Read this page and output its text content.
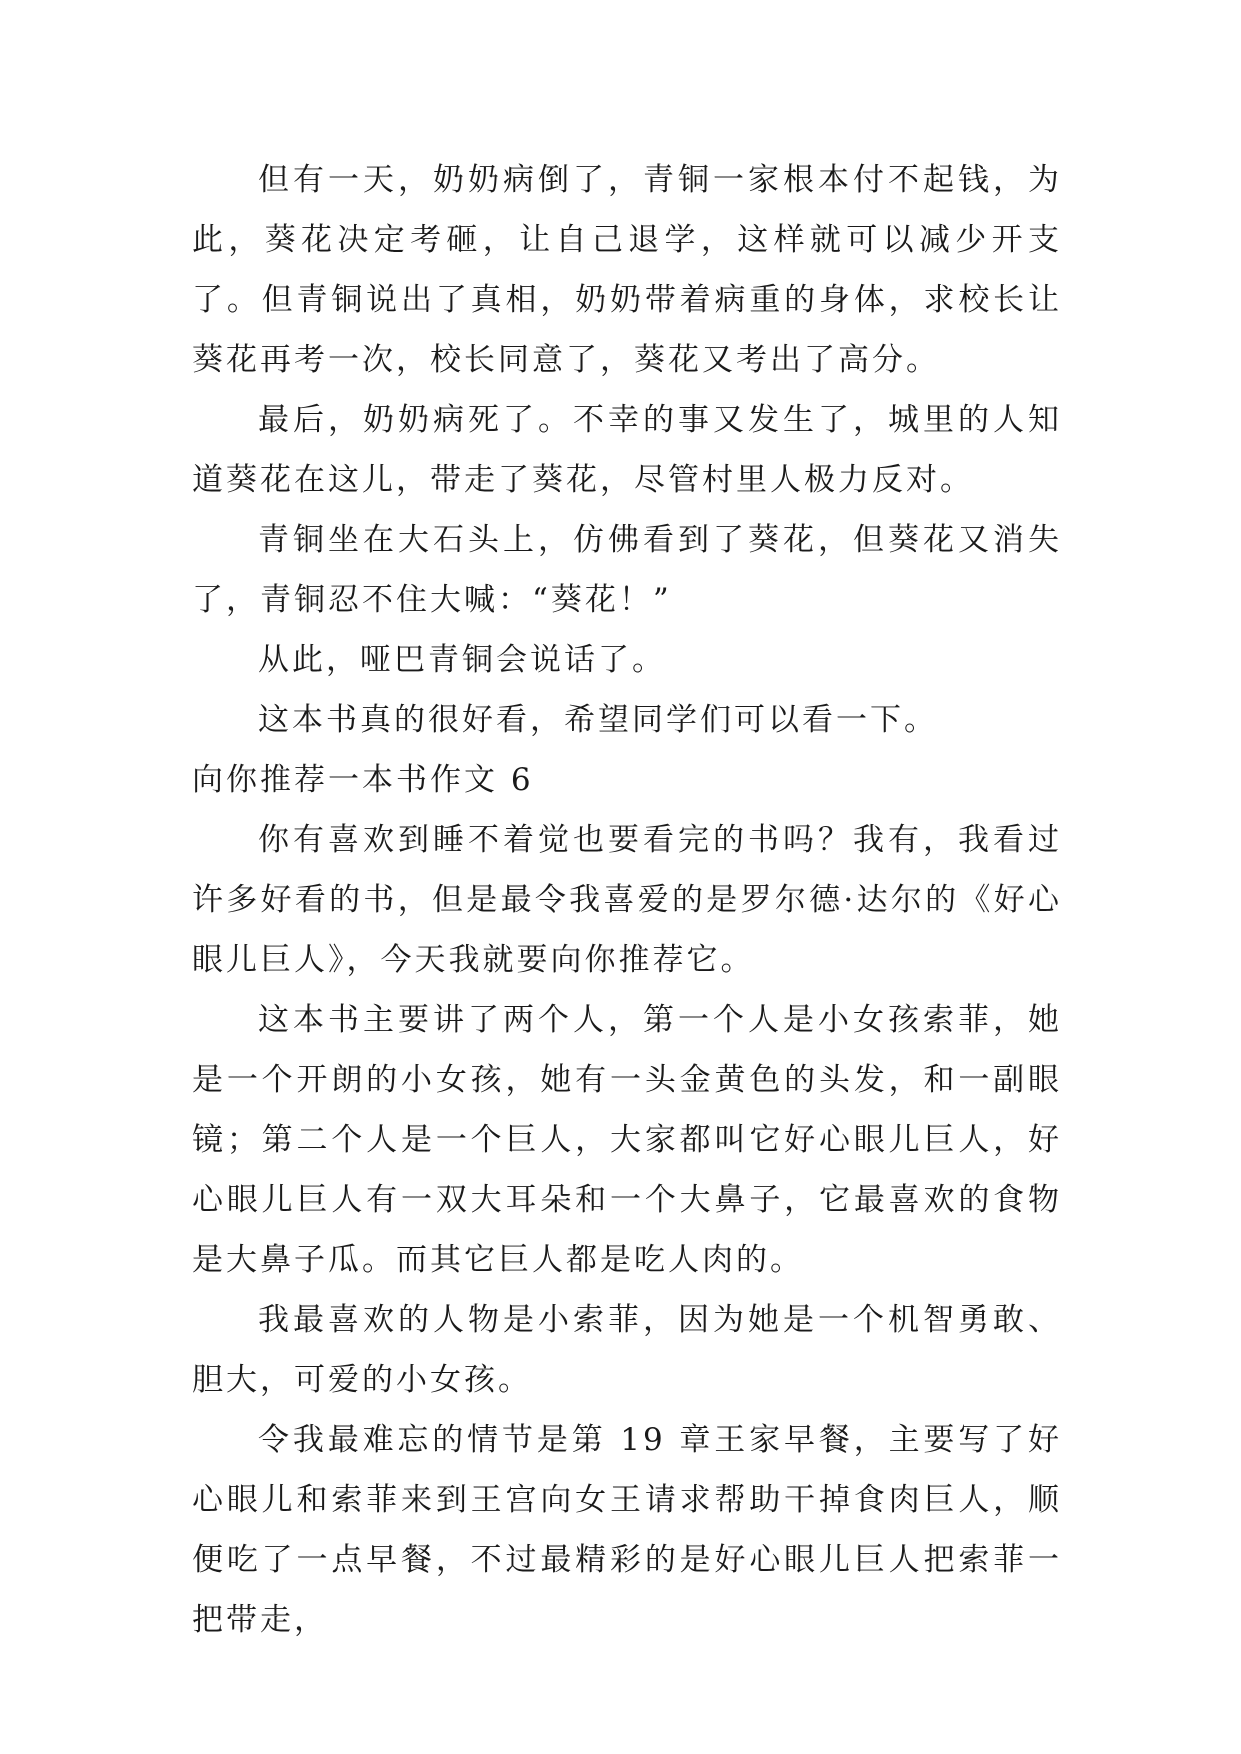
但有一天，奶奶病倒了，青铜一家根本付不起钱，为此，葵花决定考砸，让自己退学，这样就可以减少开支了。但青铜说出了真相，奶奶带着病重的身体，求校长让葵花再考一次，校长同意了，葵花又考出了高分。

最后，奶奶病死了。不幸的事又发生了，城里的人知道葵花在这儿，带走了葵花，尽管村里人极力反对。

青铜坐在大石头上，仿佛看到了葵花，但葵花又消失了，青铜忍不住大喊：“葵花！”

从此，哑巴青铜会说话了。

这本书真的很好看，希望同学们可以看一下。

向你推荐一本书作文 6

你有喜欢到睡不着觉也要看完的书吗？我有，我看过许多好看的书，但是最令我喜爱的是罗尔德·达尔的《好心眼儿巨人》，今天我就要向你推荐它。

这本书主要讲了两个人，第一个人是小女孩索菲，她是一个开朗的小女孩，她有一头金黄色的头发，和一副眼镜；第二个人是一个巨人，大家都叫它好心眼儿巨人，好心眼儿巨人有一双大耳朵和一个大鼻子，它最喜欢的食物是大鼻子瓜。而其它巨人都是吃人肉的。

我最喜欢的人物是小索菲，因为她是一个机智勇敢、胆大，可爱的小女孩。

令我最难忘的情节是第 19 章王家早餐，主要写了好心眼儿和索菲来到王宫向女王请求帮助干掉食肉巨人，顺便吃了一点早餐，不过最精彩的是好心眼儿巨人把索菲一把带走，
